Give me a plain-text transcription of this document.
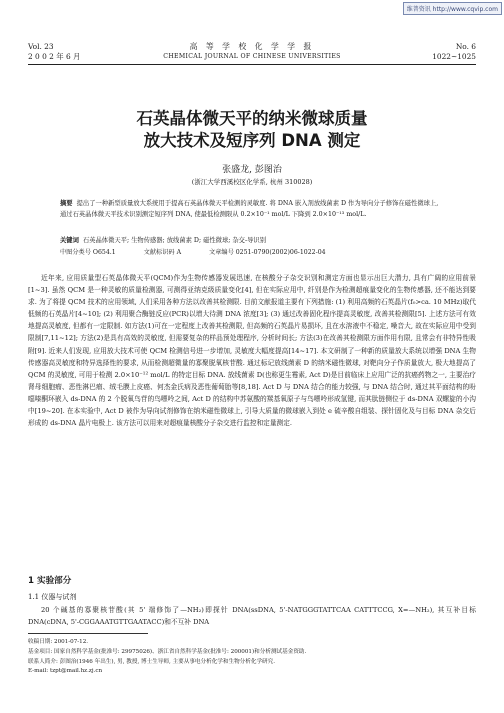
维普资讯 http://www.cqvip.com
Vol. 23
2 0 0 2 年 6 月
高 等 学 校 化 学 学 报
CHEMICAL JOURNAL OF CHINESE UNIVERSITIES
No. 6
1022~1025
石英晶体微天平的纳米微球质量
放大技术及短序列 DNA 测定
张盛龙, 彭图治
(浙江大学西溪校区化学系, 杭州 310028)
摘要 提出了一种新型质量放大系统用于提高石英晶体微天平检测的灵敏度. 将 DNA 嵌入剂放线菌素 D 作为导向分子修饰在磁性微球上, 通过石英晶体微天平技术识别测定短序列 DNA, 使最低检测限从 0.2×10⁻¹ mol/L 下降到 2.0×10⁻¹³ mol/L.
关键词 石英晶体微天平; 生物传感器; 放线菌素 D; 磁性微球; 杂交-导识别
中图分类号 O654.1	文献标识码 A	文章编号 0251-0790(2002)06-1022-04
近年来, 应用质量型石英晶体微天平(QCM)作为生物传感器发展迅速, 在核酸分子杂交识别和测定方面也显示出巨大潜力, 具有广阔的应用前景[1~3]. 虽然 QCM 是一种灵敏的质量检测器, 可测得亚纳克级质量变化[4], 但在实际应用中, 纤别是作为检测超痕量变化的生物传感器, 还不能达到要求. 为了将提 QCM 技术的应用领域, 人们采用各种方法以改善其检测限. 目前文献报道主要有下列措施: (1) 利用高频的石英晶片(f₀>ca. 10 MHz)取代低频的石英晶片[4~10]; (2) 利用聚合酶链反应(PCR)以增大待测 DNA 浓度[3]; (3) 通过改善固化程序提高灵敏度, 改善其检测限[5]. 上述方法可有效地提高灵敏度, 但都有一定限制. 如方法(1)可在一定程度上改善其检测限, 但高频的石英晶片易损坏, 且在水溶液中不稳定, 噪音大, 故在实际应用中受到限制[7,11~12]; 方法(2)是具有高效的灵敏度, 但需要复杂的样品预处理程序, 分析时间长; 方法(3)在改善其检测限方面作用有限, 且常会有非特异性吸附[9]. 近来人们发现, 应用放大技术可使 QCM 检测信号进一步增加, 灵敏度大幅度提高[14~17]. 本文研制了一种新的质量放大系统以增强 DNA 生物传感器高灵敏度和特异选择性的要求, 从而检测超微量的寡聚脱氧核苷酸. 通过标记放线菌素 D 的纳米磁性微球, 对靶向分子作质量放大, 极大地提高了 QCM 的灵敏度, 可用于检测 2.0×10⁻¹² mol/L 的特定目标 DNA. 放线菌素 D(也称更生霉素, Act D)是目前临床上应用广泛的抗癌药物之一, 主要治疗肾母细胞瘤、恶性淋巴瘤、绒毛膜上皮癌、何杰金氏病及恶性葡萄胎等[8,18]. Act D 与 DNA 结合的能力较强, 与 DNA 结合时, 通过其平面结构的吩噁嗪酮环嵌入 ds-DNA 的 2 个脱氧鸟苷的鸟嘌呤之间, Act D 的结构中苏氨酸的羰基氧原子与鸟嘌呤形成氢键, 而其肽链侧位于 ds-DNA 双螺旋的小沟中[19~20]. 在本实验中, Act D 被作为导向试剂修饰在纳米磁性微球上, 引导大质量的微球嵌入到处 e 硫辛酸自组装、探针固化及与目标 DNA 杂交后形成的 ds-DNA 晶片电极上. 该方法可以用来对超痕量核酸分子杂交进行监控和定量测定.
1 实验部分
1.1 仪器与试剂
20 个碱基的寡聚核苷酸(其 5' 端修饰了—NH₂)即探针 DNA(ssDNA, 5'-NATGGGTATTCAA CATTTCCG, X=—NH₂), 其互补目标 DNA(cDNA, 5'-CGGAAATGTTGAATACC)和不互补 DNA
收稿日期: 2001-07-12.
基金项目: 国家自然科学基金(批准号: 29975026)、浙江省自然科学基金(批准号: 200001)和分析测试基金资助.
联系人简介: 彭图治(1946 年出生), 男, 教授, 博士生导师, 主要从事电分析化学和生物分析化学研究.
E-mail: tzpt@mail.hz.zj.cn
